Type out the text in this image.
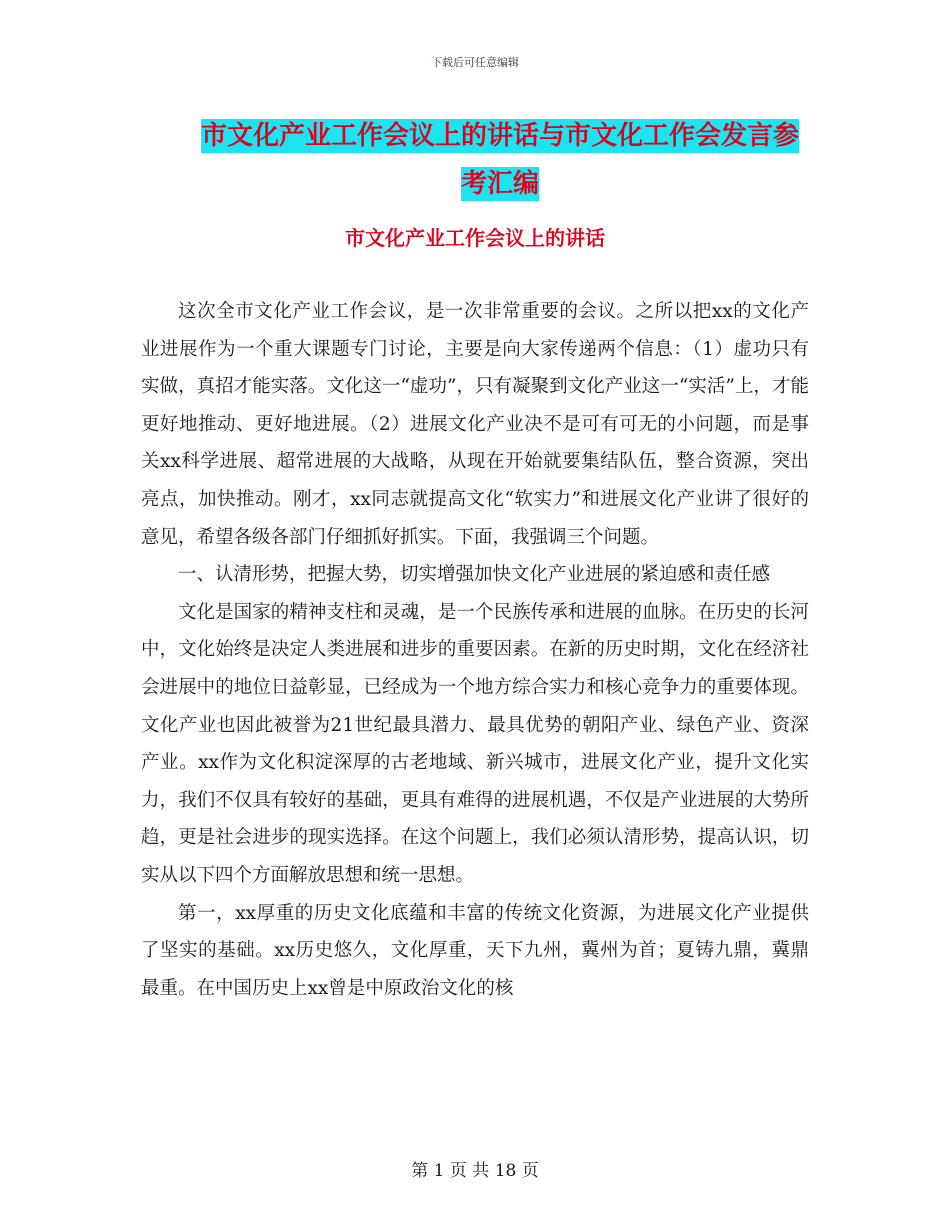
下载后可任意编辑
市文化产业工作会议上的讲话与市文化工作会发言参
考汇编
市文化产业工作会议上的讲话

这次全市文化产业工作会议，是一次非常重要的会议。之所以把xx的文化产业进展作为一个重大课题专门讨论，主要是向大家传递两个信息：（1）虚功只有实做，真招才能实落。文化这一“虚功”，只有凝聚到文化产业这一“实活”上，才能更好地推动、更好地进展。（2）进展文化产业决不是可有可无的小问题，而是事关xx科学进展、超常进展的大战略，从现在开始就要集结队伍，整合资源，突出亮点，加快推动。刚才，xx同志就提高文化“软实力”和进展文化产业讲了很好的意见，希望各级各部门仔细抓好抓实。下面，我强调三个问题。

一、认清形势，把握大势，切实增强加快文化产业进展的紧迫感和责任感

文化是国家的精神支柱和灵魂，是一个民族传承和进展的血脉。在历史的长河中，文化始终是决定人类进展和进步的重要因素。在新的历史时期，文化在经济社会进展中的地位日益彰显，已经成为一个地方综合实力和核心竞争力的重要体现。文化产业也因此被誉为21世纪最具潜力、最具优势的朝阳产业、绿色产业、资深产业。xx作为文化积淀深厚的古老地域、新兴城市，进展文化产业，提升文化实力，我们不仅具有较好的基础，更具有难得的进展机遇，不仅是产业进展的大势所趋，更是社会进步的现实选择。在这个问题上，我们必须认清形势，提高认识，切实从以下四个方面解放思想和统一思想。

第一，xx厚重的历史文化底蕴和丰富的传统文化资源，为进展文化产业提供了坚实的基础。xx历史悠久，文化厚重，天下九州，冀州为首；夏铸九鼎，冀鼎最重。在中国历史上xx曾是中原政治文化的核

第 1 页 共 18 页
